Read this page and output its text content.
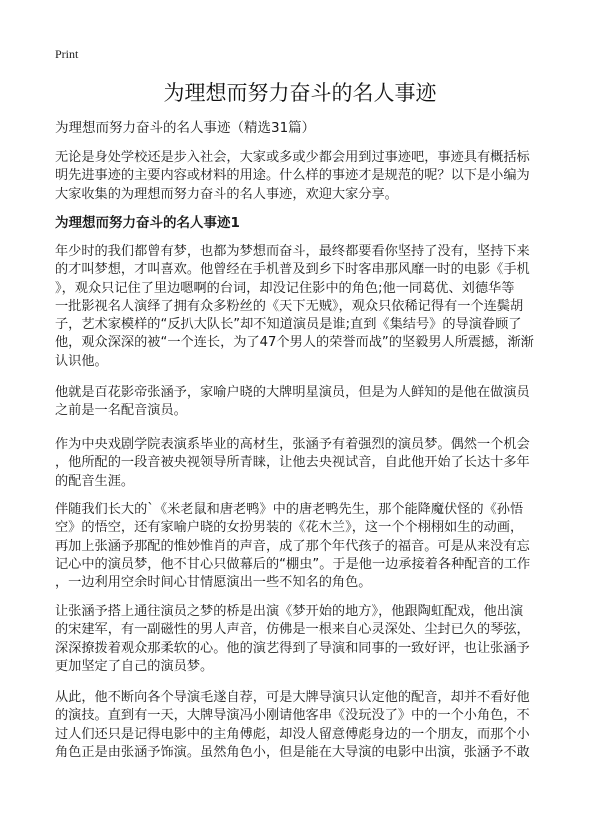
Print
为理想而努力奋斗的名人事迹
为理想而努力奋斗的名人事迹（精选31篇）
无论是身处学校还是步入社会，大家或多或少都会用到过事迹吧，事迹具有概括标
明先进事迹的主要内容或材料的用途。什么样的事迹才是规范的呢？以下是小编为
大家收集的为理想而努力奋斗的名人事迹，欢迎大家分享。
为理想而努力奋斗的名人事迹1
年少时的我们都曾有梦，也都为梦想而奋斗，最终都要看你坚持了没有，坚持下来
的才叫梦想，才叫喜欢。他曾经在手机普及到乡下时客串那风靡一时的电影《手机
》，观众只记住了里边嗯啊的台词，却没记住影中的角色;他一同葛优、刘德华等
一批影视名人演绎了拥有众多粉丝的《天下无贼》，观众只依稀记得有一个连鬓胡
子，艺术家模样的“反扒大队长”却不知道演员是谁;直到《集结号》的导演眷顾了
他，观众深深的被“一个连长，为了47个男人的荣誉而战”的坚毅男人所震撼，渐渐
认识他。
他就是百花影帝张涵予，家喻户晓的大牌明星演员，但是为人鲜知的是他在做演员
之前是一名配音演员。
作为中央戏剧学院表演系毕业的高材生，张涵予有着强烈的演员梦。偶然一个机会
，他所配的一段音被央视领导所青睐，让他去央视试音，自此他开始了长达十多年
的配音生涯。
伴随我们长大的`《米老鼠和唐老鸭》中的唐老鸭先生，那个能降魔伏怪的《孙悟
空》的悟空，还有家喻户晓的女扮男装的《花木兰》，这一个个栩栩如生的动画，
再加上张涵予那配的惟妙惟肖的声音，成了那个年代孩子的福音。可是从来没有忘
记心中的演员梦，他不甘心只做幕后的“棚虫”。于是他一边承接着各种配音的工作
，一边利用空余时间心甘情愿演出一些不知名的角色。
让张涵予搭上通往演员之梦的桥是出演《梦开始的地方》，他跟陶虹配戏，他出演
的宋建军，有一副磁性的男人声音，仿佛是一根来自心灵深处、尘封已久的琴弦，
深深撩拨着观众那柔软的心。他的演艺得到了导演和同事的一致好评，也让张涵予
更加坚定了自己的演员梦。
从此，他不断向各个导演毛遂自荐，可是大牌导演只认定他的配音，却并不看好他
的演技。直到有一天，大牌导演冯小刚请他客串《没玩没了》中的一个小角色，不
过人们还只是记得电影中的主角傅彪，却没人留意傅彪身边的一个朋友，而那个小
角色正是由张涵予饰演。虽然角色小，但是能在大导演的电影中出演，张涵予不敢
